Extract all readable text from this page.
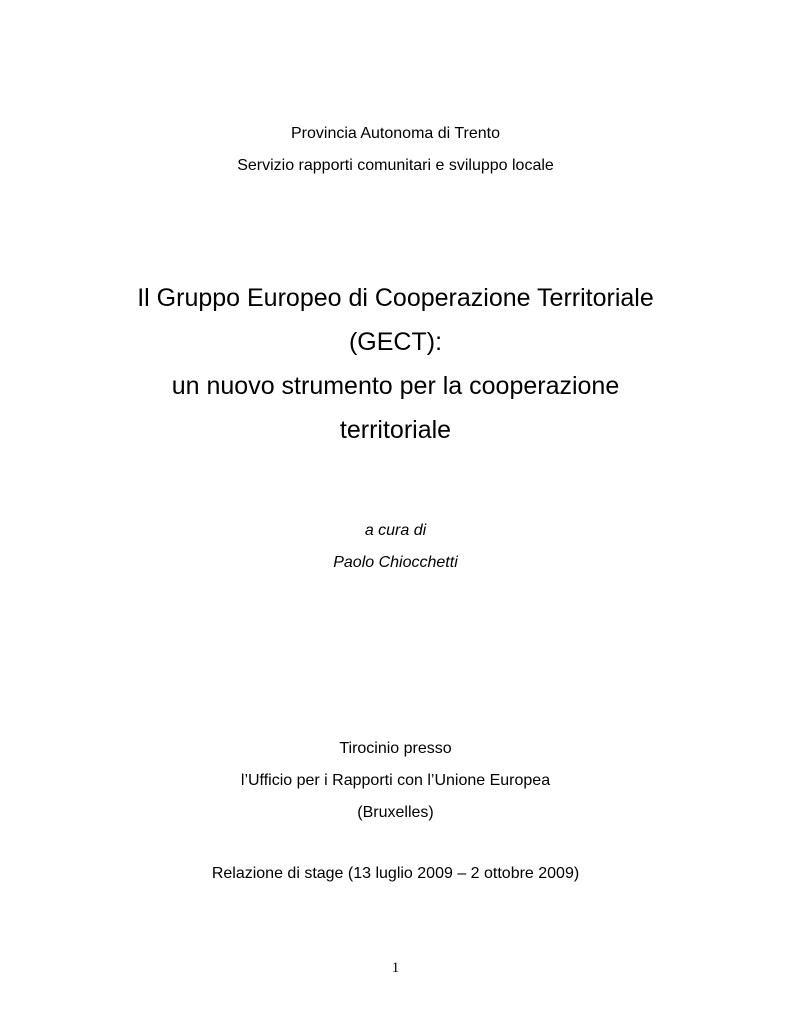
Provincia Autonoma di Trento

Servizio rapporti comunitari e sviluppo locale

Il Gruppo Europeo di Cooperazione Territoriale

(GECT):

un nuovo strumento per la cooperazione

territoriale

a cura di

Paolo Chiocchetti

Tirocinio presso

l’Ufficio per i Rapporti con l’Unione Europea

(Bruxelles)

Relazione di stage (13 luglio 2009 – 2 ottobre 2009)

1
